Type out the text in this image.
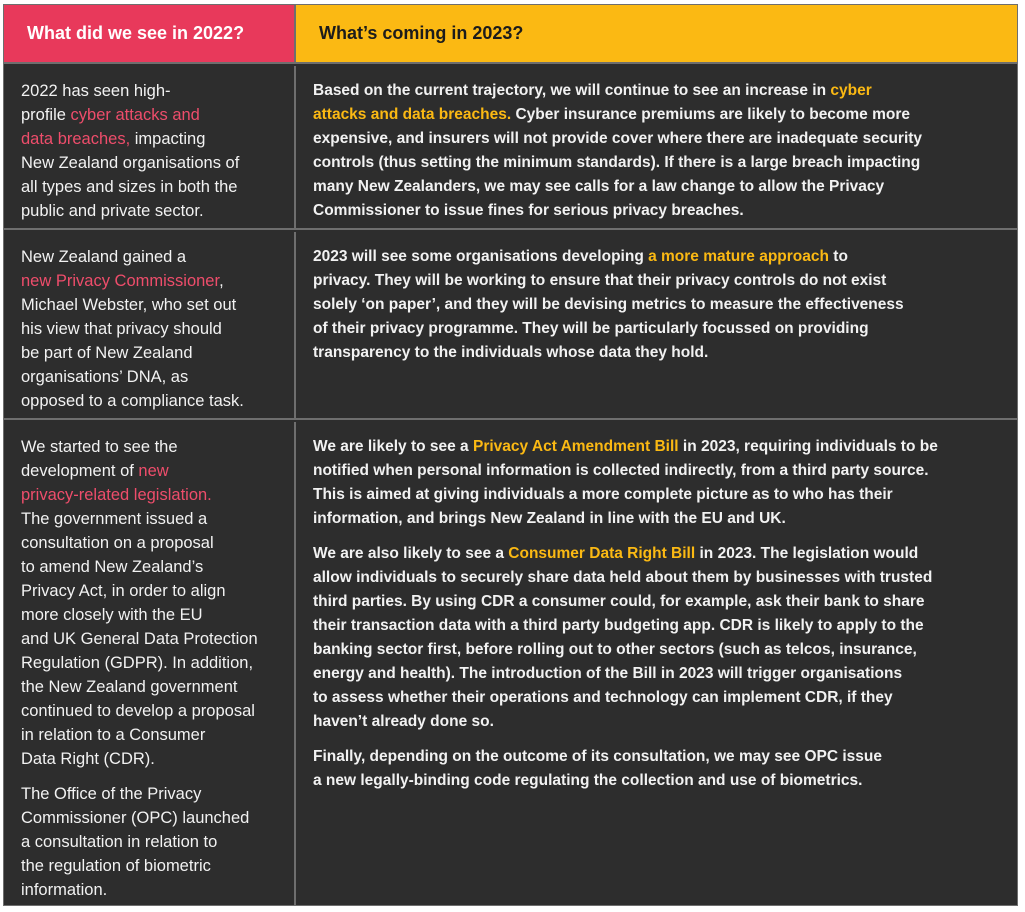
What did we see in 2022?	What’s coming in 2023?
2022 has seen high-
profile cyber attacks and
data breaches, impacting
New Zealand organisations of
all types and sizes in both the
public and private sector.
Based on the current trajectory, we will continue to see an increase in cyber
attacks and data breaches. Cyber insurance premiums are likely to become more
expensive, and insurers will not provide cover where there are inadequate security
controls (thus setting the minimum standards). If there is a large breach impacting
many New Zealanders, we may see calls for a law change to allow the Privacy
Commissioner to issue fines for serious privacy breaches.
New Zealand gained a
new Privacy Commissioner,
Michael Webster, who set out
his view that privacy should
be part of New Zealand
organisations’ DNA, as
opposed to a compliance task.
2023 will see some organisations developing a more mature approach to
privacy. They will be working to ensure that their privacy controls do not exist
solely ‘on paper’, and they will be devising metrics to measure the effectiveness
of their privacy programme. They will be particularly focussed on providing
transparency to the individuals whose data they hold.

We started to see the
development of new
privacy-related legislation.
The government issued a
consultation on a proposal
to amend New Zealand’s
Privacy Act, in order to align
more closely with the EU
and UK General Data Protection
Regulation (GDPR). In addition,
the New Zealand government
continued to develop a proposal
in relation to a Consumer
Data Right (CDR).

The Office of the Privacy
Commissioner (OPC) launched
a consultation in relation to
the regulation of biometric
information.

We are likely to see a Privacy Act Amendment Bill in 2023, requiring individuals to be
notified when personal information is collected indirectly, from a third party source.
This is aimed at giving individuals a more complete picture as to who has their
information, and brings New Zealand in line with the EU and UK.

We are also likely to see a Consumer Data Right Bill in 2023. The legislation would
allow individuals to securely share data held about them by businesses with trusted
third parties. By using CDR a consumer could, for example, ask their bank to share
their transaction data with a third party budgeting app. CDR is likely to apply to the
banking sector first, before rolling out to other sectors (such as telcos, insurance,
energy and health). The introduction of the Bill in 2023 will trigger organisations
to assess whether their operations and technology can implement CDR, if they
haven’t already done so.

Finally, depending on the outcome of its consultation, we may see OPC issue
a new legally-binding code regulating the collection and use of biometrics.
